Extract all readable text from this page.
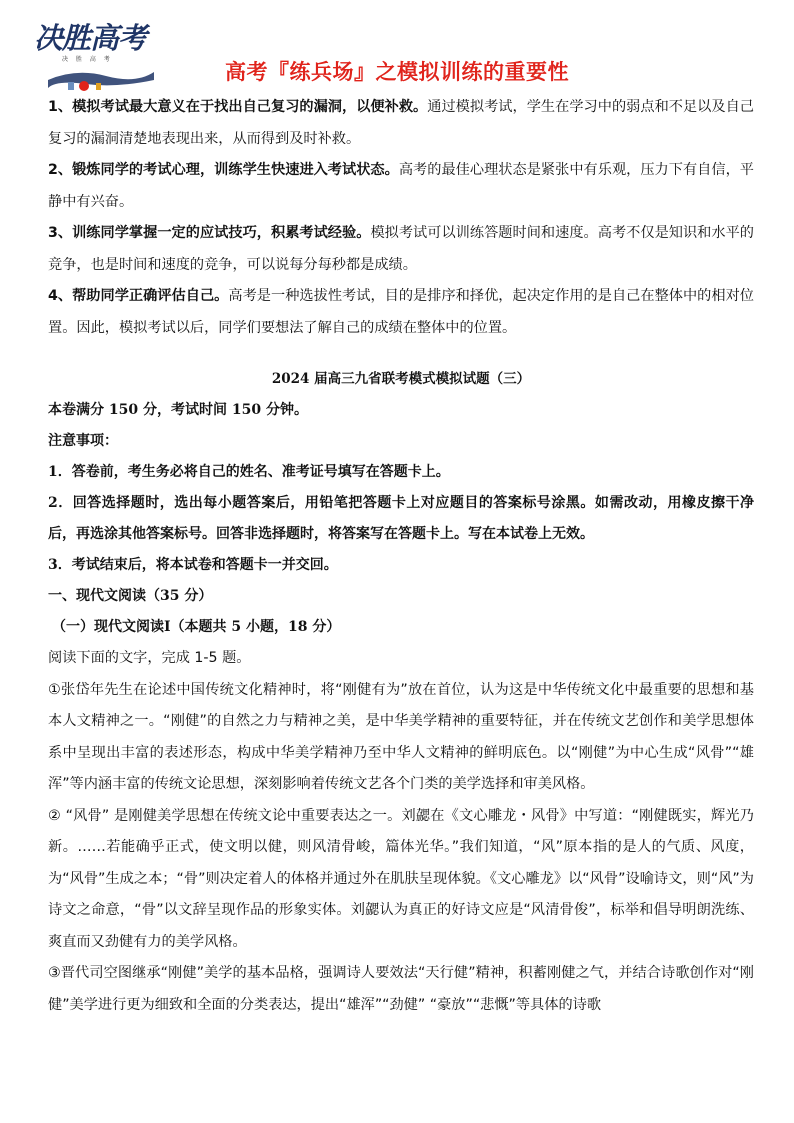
决胜高考
决 胜 高 考
高考『练兵场』之模拟训练的重要性

1、模拟考试最大意义在于找出自己复习的漏洞，以便补救。通过模拟考试，学生在学习中的弱点和不足以及自己复习的漏洞清楚地表现出来，从而得到及时补救。

2、锻炼同学的考试心理，训练学生快速进入考试状态。高考的最佳心理状态是紧张中有乐观，压力下有自信，平静中有兴奋。

3、训练同学掌握一定的应试技巧，积累考试经验。模拟考试可以训练答题时间和速度。高考不仅是知识和水平的竞争，也是时间和速度的竞争，可以说每分每秒都是成绩。

4、帮助同学正确评估自己。高考是一种选拔性考试，目的是排序和择优，起决定作用的是自己在整体中的相对位置。因此，模拟考试以后，同学们要想法了解自己的成绩在整体中的位置。

2024 届高三九省联考模式模拟试题（三）

本卷满分 150 分，考试时间 150 分钟。

注意事项：

1．答卷前，考生务必将自己的姓名、准考证号填写在答题卡上。

2．回答选择题时，选出每小题答案后，用铅笔把答题卡上对应题目的答案标号涂黑。如需改动，用橡皮擦干净后，再选涂其他答案标号。回答非选择题时，将答案写在答题卡上。写在本试卷上无效。

3．考试结束后，将本试卷和答题卡一并交回。

一、现代文阅读（35 分）

（一）现代文阅读Ⅰ（本题共 5 小题，18 分）

阅读下面的文字，完成 1-5 题。

①张岱年先生在论述中国传统文化精神时，将“刚健有为”放在首位，认为这是中华传统文化中最重要的思想和基本人文精神之一。“刚健”的自然之力与精神之美，是中华美学精神的重要特征，并在传统文艺创作和美学思想体系中呈现出丰富的表述形态，构成中华美学精神乃至中华人文精神的鲜明底色。以“刚健”为中心生成“风骨”“雄浑”等内涵丰富的传统文论思想，深刻影响着传统文艺各个门类的美学选择和审美风格。

② “风骨” 是刚健美学思想在传统文论中重要表达之一。刘勰在《文心雕龙・风骨》中写道：“刚健既实，辉光乃新。……若能确乎正式，使文明以健，则风清骨峻，篇体光华。”我们知道，“风”原本指的是人的气质、风度，为“风骨”生成之本；“骨”则决定着人的体格并通过外在肌肤呈现体貌。《文心雕龙》以“风骨”设喻诗文，则“风”为诗文之命意，“骨”以文辞呈现作品的形象实体。刘勰认为真正的好诗文应是“风清骨俊”，标举和倡导明朗洗练、爽直而又劲健有力的美学风格。

③晋代司空图继承“刚健”美学的基本品格，强调诗人要效法“天行健”精神，积蓄刚健之气，并结合诗歌创作对“刚健”美学进行更为细致和全面的分类表达，提出“雄浑”“劲健” “豪放”“悲慨”等具体的诗歌
